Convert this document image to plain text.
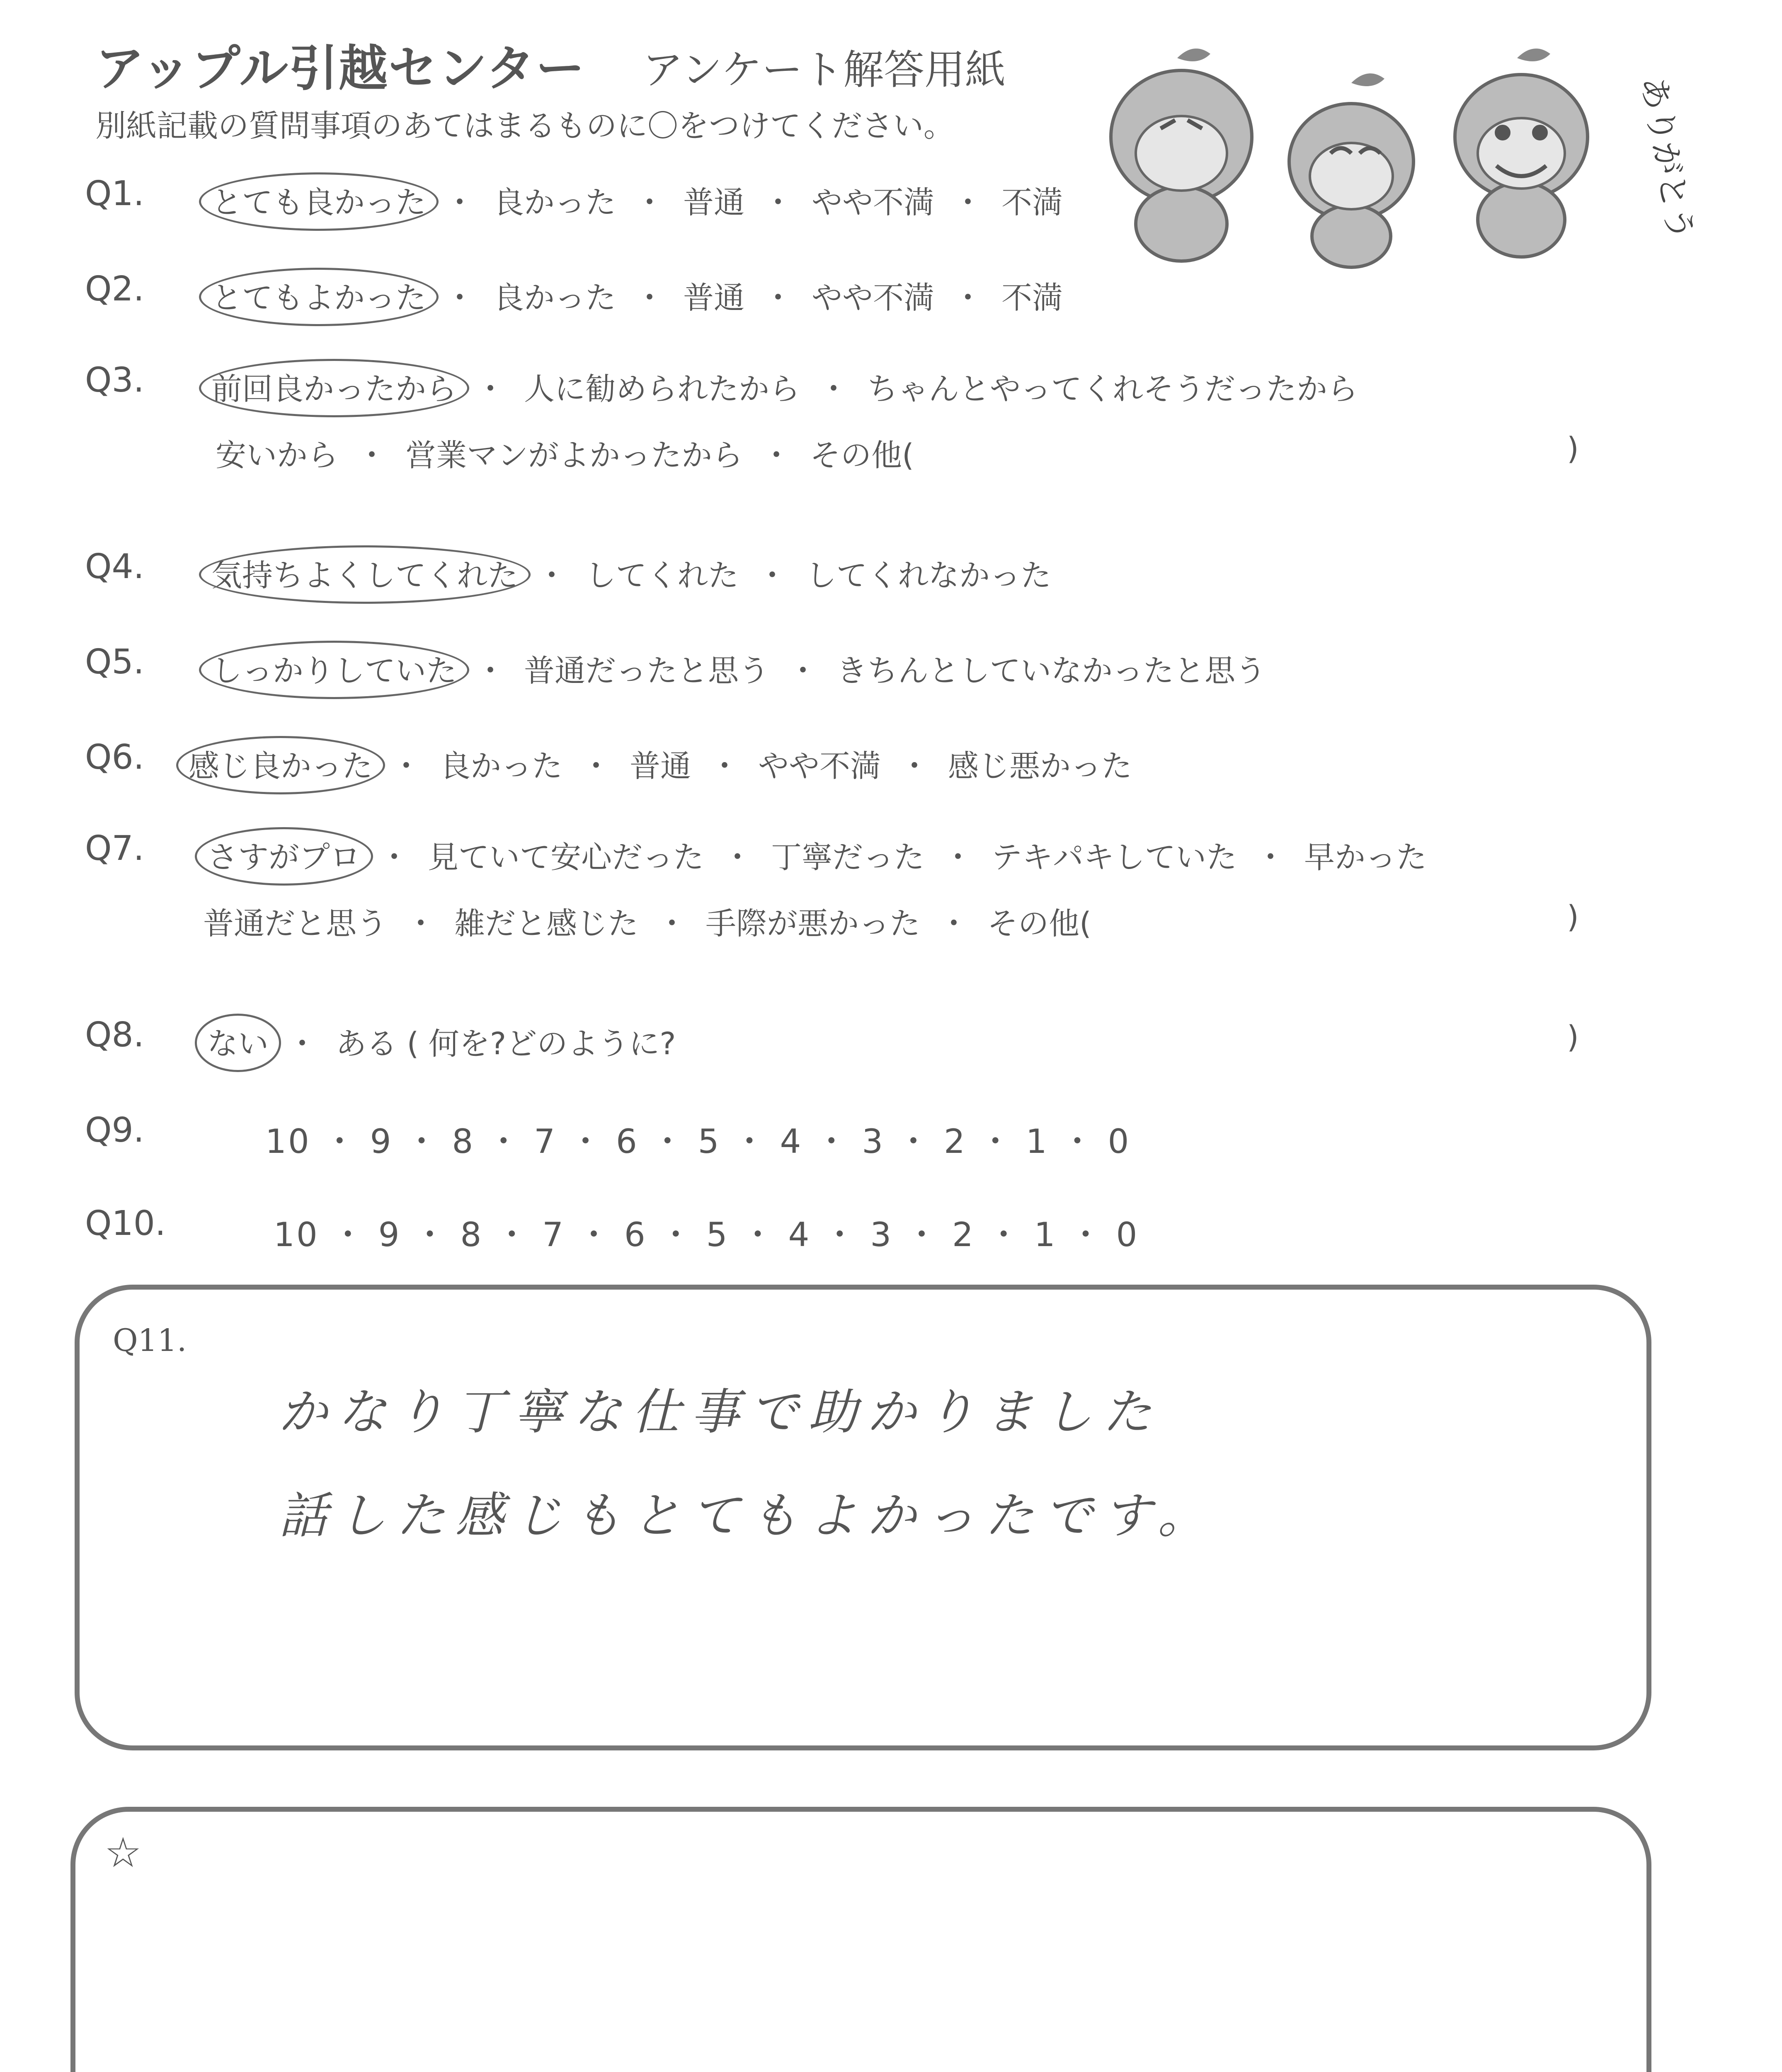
アップル引越センター アンケート解答用紙
別紙記載の質問事項のあてはまるものに〇をつけてください。	ありがとう
Q1. とても良かった ・ 良かった ・ 普通 ・ やや不満 ・ 不満
Q2. とてもよかった ・ 良かった ・ 普通 ・ やや不満 ・ 不満
Q3. 前回良かったから ・ 人に勧められたから ・ ちゃんとやってくれそうだったから
安いから ・ 営業マンがよかったから ・ その他(	)
Q4. 気持ちよくしてくれた ・ してくれた ・ してくれなかった
Q5. しっかりしていた ・ 普通だったと思う ・ きちんとしていなかったと思う
Q6. 感じ良かった ・ 良かった ・ 普通 ・ やや不満 ・ 感じ悪かった
Q7. さすがプロ ・ 見ていて安心だった ・ 丁寧だった ・ テキパキしていた ・ 早かった
普通だと思う ・ 雑だと感じた ・ 手際が悪かった ・ その他(	)
Q8. ない ・ ある ( 何を?どのように?	)
Q9.	10 ・ 9 ・ 8 ・ 7 ・ 6 ・ 5 ・ 4 ・ 3 ・ 2 ・ 1 ・ 0
Q10.	10 ・ 9 ・ 8 ・ 7 ・ 6 ・ 5 ・ 4 ・ 3 ・ 2 ・ 1 ・ 0
Q11.
かなり丁寧な仕事で助かりました
話した感じもとてもよかったです。
☆
